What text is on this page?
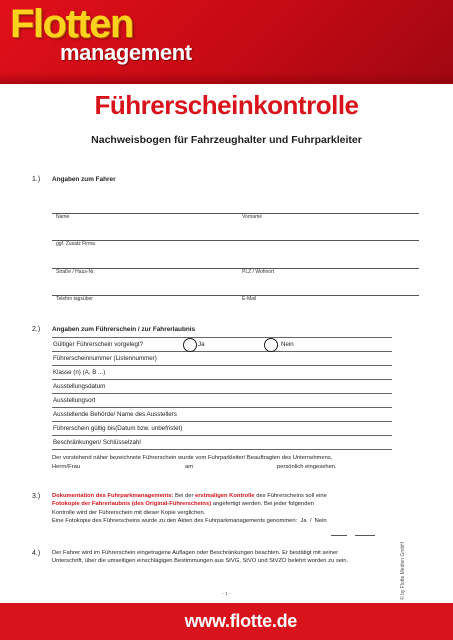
Flotten
management
Führerscheinkontrolle
Nachweisbogen für Fahrzeughalter und Fuhrparkleiter
1.) Angaben zum Fahrer
Name	Vorname
ggf. Zusatz Firma
Straße / Haus-Nr.	PLZ / Wohnort
Telefon tagsüber	E-Mail
2.) Angaben zum Führerschein / zur Fahrerlaubnis
Gültiger Führerschein vorgelegt?	Ja	Nein
Führerscheinnummer (Listennummer)
Klasse (n) (A, B ...)
Ausstellungsdatum
Ausstellungsort
Ausstellende Behörde/ Name des Ausstellers
Führerschein gültig bis(Datum bzw. unbefristet)
Beschränkungen/ Schlüsselzahl
Der vorstehend näher bezeichnete Führerschein wurde vom Fuhrparkleiter/ Beauftragten des Unternehmens,
Herrn/Frau	am	persönlich eingesehen.
3.) Dokumentation des Fuhrparkmanagements: Bei der erstmaligen Kontrolle des Führerscheins soll eine
Fotokopie der Fahrerlaubnis (des Original-Führerscheins) angefertigt werden. Bei jeder folgenden
Kontrolle wird der Führerschein mit dieser Kopie verglichen.
Eine Fotokopie des Führerscheins wurde zu den Akten des Fuhrparkmanagements genommen: Ja / Nein
4.) Der Fahrer wird im Führerschein eingetragene Auflagen oder Beschränkungen beachten. Er bestätigt mit seiner
Unterschrift, über die umseitigen einschlägigen Bestimmungen aus StVG, StVO und StVZO belehrt worden zu sein.
- 1 -	© by Flotte Medien GmbH
www.flotte.de
